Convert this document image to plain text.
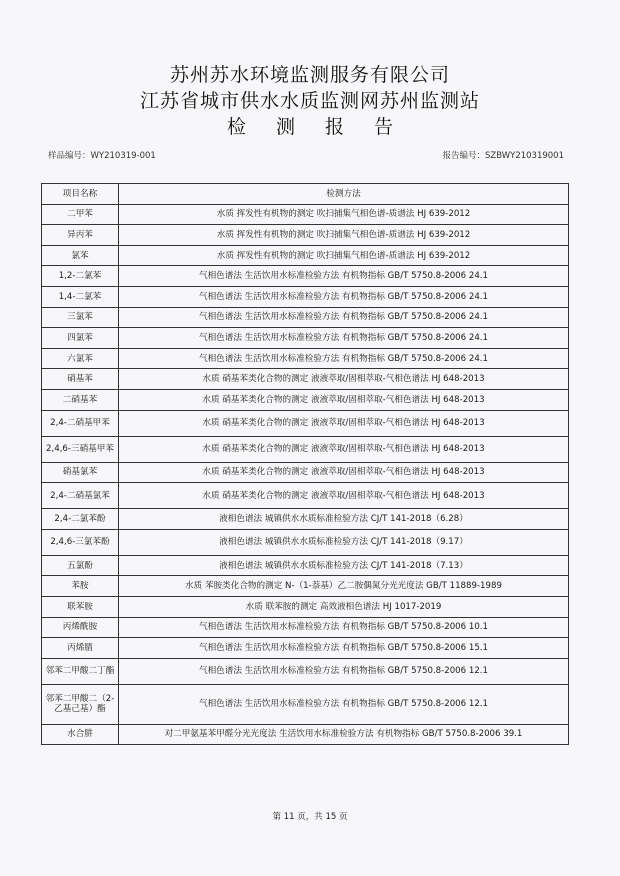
苏州苏水环境监测服务有限公司
江苏省城市供水水质监测网苏州监测站
检测报告
样品编号：WY210319-001	报告编号：SZBWY210319001
项目名称	检测方法
二甲苯	水质 挥发性有机物的测定 吹扫捕集气相色谱-质谱法 HJ 639-2012
异丙苯	水质 挥发性有机物的测定 吹扫捕集气相色谱-质谱法 HJ 639-2012
氯苯	水质 挥发性有机物的测定 吹扫捕集气相色谱-质谱法 HJ 639-2012
1,2-二氯苯	气相色谱法 生活饮用水标准检验方法 有机物指标 GB/T 5750.8-2006 24.1
1,4-二氯苯	气相色谱法 生活饮用水标准检验方法 有机物指标 GB/T 5750.8-2006 24.1
三氯苯	气相色谱法 生活饮用水标准检验方法 有机物指标 GB/T 5750.8-2006 24.1
四氯苯	气相色谱法 生活饮用水标准检验方法 有机物指标 GB/T 5750.8-2006 24.1
六氯苯	气相色谱法 生活饮用水标准检验方法 有机物指标 GB/T 5750.8-2006 24.1
硝基苯	水质 硝基苯类化合物的测定 液液萃取/固相萃取-气相色谱法 HJ 648-2013
二硝基苯	水质 硝基苯类化合物的测定 液液萃取/固相萃取-气相色谱法 HJ 648-2013
2,4-二硝基甲苯	水质 硝基苯类化合物的测定 液液萃取/固相萃取-气相色谱法 HJ 648-2013
2,4,6-三硝基甲苯	水质 硝基苯类化合物的测定 液液萃取/固相萃取-气相色谱法 HJ 648-2013
硝基氯苯	水质 硝基苯类化合物的测定 液液萃取/固相萃取-气相色谱法 HJ 648-2013
2,4-二硝基氯苯	水质 硝基苯类化合物的测定 液液萃取/固相萃取-气相色谱法 HJ 648-2013
2,4-二氯苯酚	液相色谱法 城镇供水水质标准检验方法 CJ/T 141-2018（6.28）
2,4,6-三氯苯酚	液相色谱法 城镇供水水质标准检验方法 CJ/T 141-2018（9.17）
五氯酚	液相色谱法 城镇供水水质标准检验方法 CJ/T 141-2018（7.13）
苯胺	水质 苯胺类化合物的测定 N-（1-萘基）乙二胺偶氮分光光度法 GB/T 11889-1989
联苯胺	水质 联苯胺的测定 高效液相色谱法 HJ 1017-2019
丙烯酰胺	气相色谱法 生活饮用水标准检验方法 有机物指标 GB/T 5750.8-2006 10.1
丙烯腈	气相色谱法 生活饮用水标准检验方法 有机物指标 GB/T 5750.8-2006 15.1
邻苯二甲酸二丁酯	气相色谱法 生活饮用水标准检验方法 有机物指标 GB/T 5750.8-2006 12.1
邻苯二甲酸二（2-乙基己基）酯	气相色谱法 生活饮用水标准检验方法 有机物指标 GB/T 5750.8-2006 12.1
水合肼	对二甲氨基苯甲醛分光光度法 生活饮用水标准检验方法 有机物指标 GB/T 5750.8-2006 39.1
第 11 页，共 15 页
